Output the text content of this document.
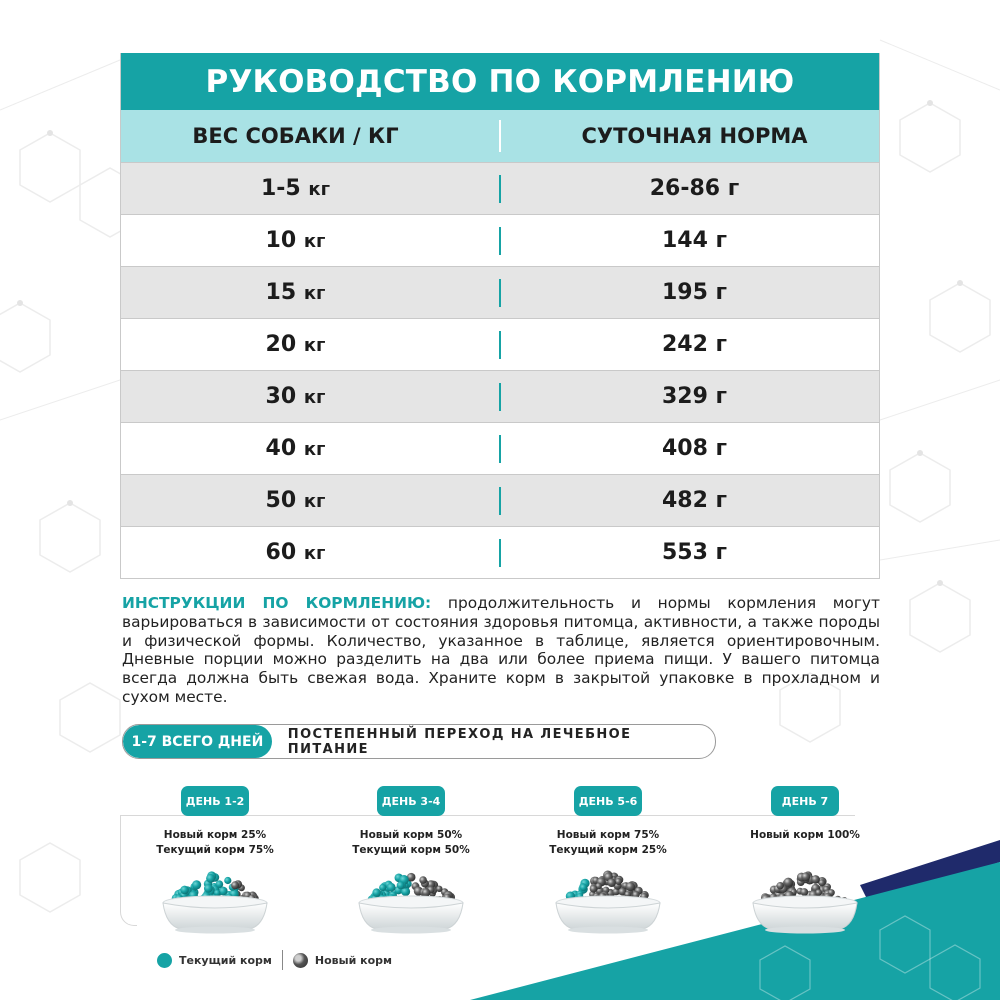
РУКОВОДСТВО ПО КОРМЛЕНИЮ
ВЕС СОБАКИ / КГ	СУТОЧНАЯ НОРМА
1-5 кг	26-86 г
10 кг	144 г
15 кг	195 г
20 кг	242 г
30 кг	329 г
40 кг	408 г
50 кг	482 г
60 кг	553 г
ИНСТРУКЦИИ ПО КОРМЛЕНИЮ: продолжительность и нормы кормления могут варьироваться в зависимости от состояния здоровья питомца, активности, а также породы и физической формы. Количество, указанное в таблице, является ориентировочным. Дневные порции можно разделить на два или более приема пищи. У вашего питомца всегда должна быть свежая вода. Храните корм в закрытой упаковке в прохладном и сухом месте.
1-7 ВСЕГО ДНЕЙ	ПОСТЕПЕННЫЙ ПЕРЕХОД НА ЛЕЧЕБНОЕ ПИТАНИЕ
ДЕНЬ 1-2
Новый корм 25%
Текущий корм 75%
ДЕНЬ 3-4
Новый корм 50%
Текущий корм 50%
ДЕНЬ 5-6
Новый корм 75%
Текущий корм 25%
ДЕНЬ 7
Новый корм 100%
Текущий корм	Новый корм
